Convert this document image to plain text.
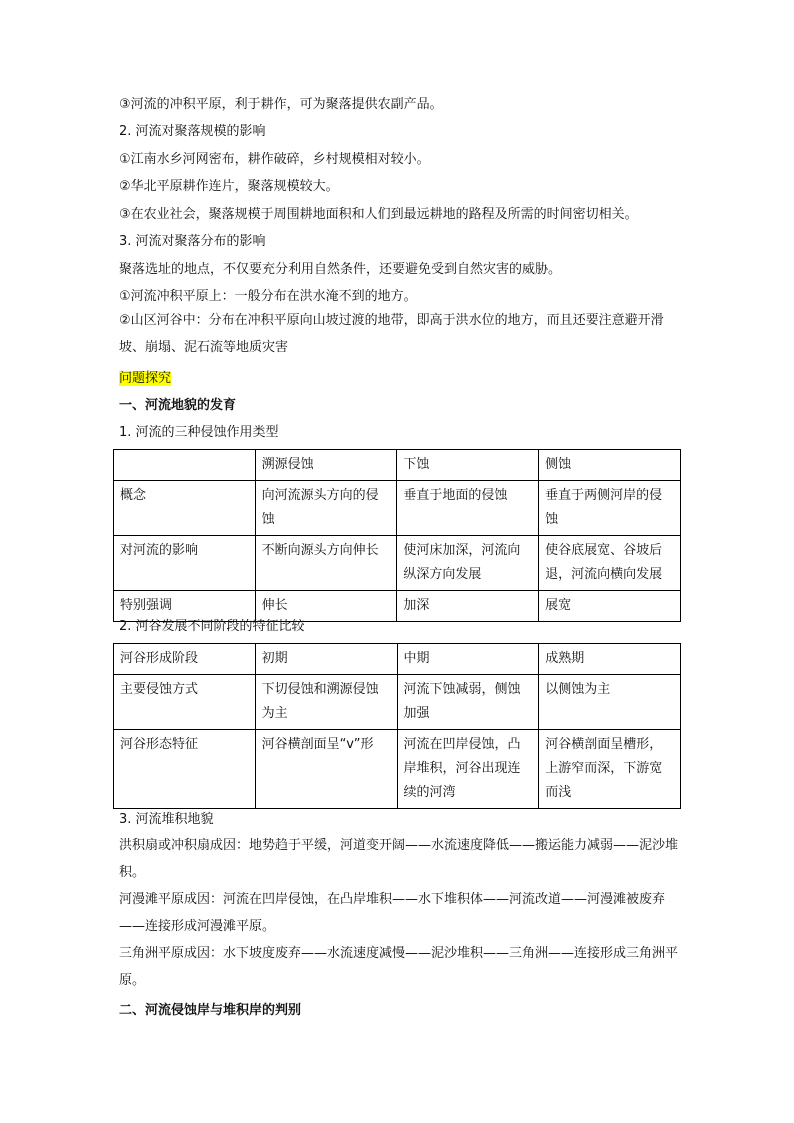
③河流的冲积平原，利于耕作，可为聚落提供农副产品。
2. 河流对聚落规模的影响
①江南水乡河网密布，耕作破碎，乡村规模相对较小。
②华北平原耕作连片，聚落规模较大。
③在农业社会，聚落规模于周围耕地面积和人们到最远耕地的路程及所需的时间密切相关。
3. 河流对聚落分布的影响
聚落选址的地点，不仅要充分利用自然条件，还要避免受到自然灾害的威胁。
①河流冲积平原上：一般分布在洪水淹不到的地方。
②山区河谷中：分布在冲积平原向山坡过渡的地带，即高于洪水位的地方，而且还要注意避开滑坡、崩塌、泥石流等地质灾害
问题探究
一、河流地貌的发育
1. 河流的三种侵蚀作用类型
	溯源侵蚀	下蚀	侧蚀
概念	向河流源头方向的侵蚀	垂直于地面的侵蚀	垂直于两侧河岸的侵蚀
对河流的影响	不断向源头方向伸长	使河床加深，河流向纵深方向发展	使谷底展宽、谷坡后退，河流向横向发展
特别强调	伸长	加深	展宽
2. 河谷发展不同阶段的特征比较
河谷形成阶段	初期	中期	成熟期
主要侵蚀方式	下切侵蚀和溯源侵蚀为主	河流下蚀减弱，侧蚀加强	以侧蚀为主
河谷形态特征	河谷横剖面呈“v”形	河流在凹岸侵蚀，凸岸堆积，河谷出现连续的河湾	河谷横剖面呈槽形，上游窄而深，下游宽而浅
3. 河流堆积地貌
洪积扇或冲积扇成因：地势趋于平缓，河道变开阔——水流速度降低——搬运能力减弱——泥沙堆积。
河漫滩平原成因：河流在凹岸侵蚀，在凸岸堆积——水下堆积体——河流改道——河漫滩被废弃——连接形成河漫滩平原。
三角洲平原成因：水下坡度废弃——水流速度减慢——泥沙堆积——三角洲——连接形成三角洲平原。
二、河流侵蚀岸与堆积岸的判别
